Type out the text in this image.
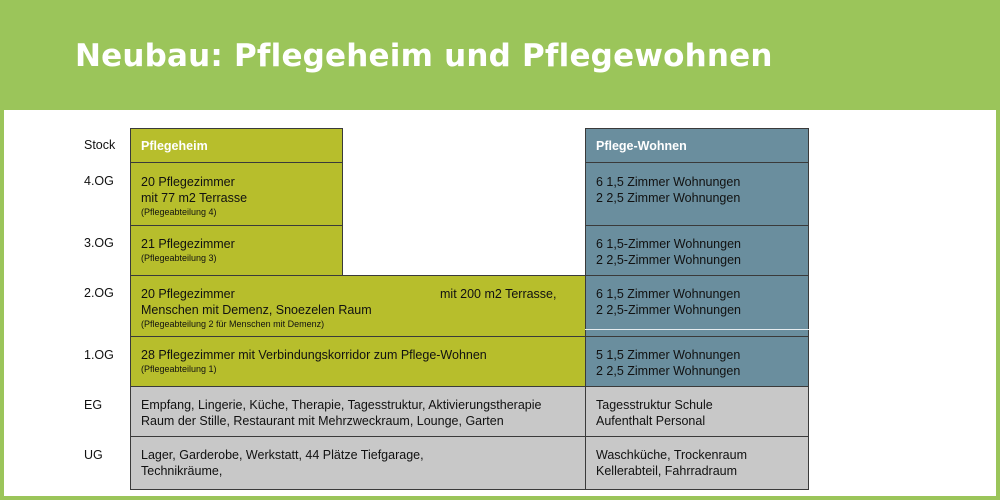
Neubau: Pflegeheim und Pflegewohnen
Stock
4.OG
3.OG
2.OG
1.OG
EG
UG
Pflegeheim
20 Pflegezimmer
mit 77 m2 Terrasse
(Pflegeabteilung 4)
21 Pflegezimmer
(Pflegeabteilung 3)
20 Pflegezimmer	mit 200 m2 Terrasse,
Menschen mit Demenz, Snoezelen Raum
(Pflegeabteilung 2 für Menschen mit Demenz)
28 Pflegezimmer mit Verbindungskorridor zum Pflege-Wohnen
(Pflegeabteilung 1)
Empfang, Lingerie, Küche, Therapie, Tagesstruktur, Aktivierungstherapie
Raum der Stille, Restaurant mit Mehrzweckraum, Lounge, Garten
Lager, Garderobe, Werkstatt, 44 Plätze Tiefgarage,
Technikräume,
Pflege-Wohnen
6 1,5 Zimmer Wohnungen
2 2,5 Zimmer Wohnungen
6 1,5-Zimmer Wohnungen
2 2,5-Zimmer Wohnungen
6 1,5 Zimmer Wohnungen
2 2,5-Zimmer Wohnungen
5 1,5 Zimmer Wohnungen
2 2,5 Zimmer Wohnungen
Tagesstruktur Schule
Aufenthalt Personal
Waschküche, Trockenraum
Kellerabteil, Fahrradraum
